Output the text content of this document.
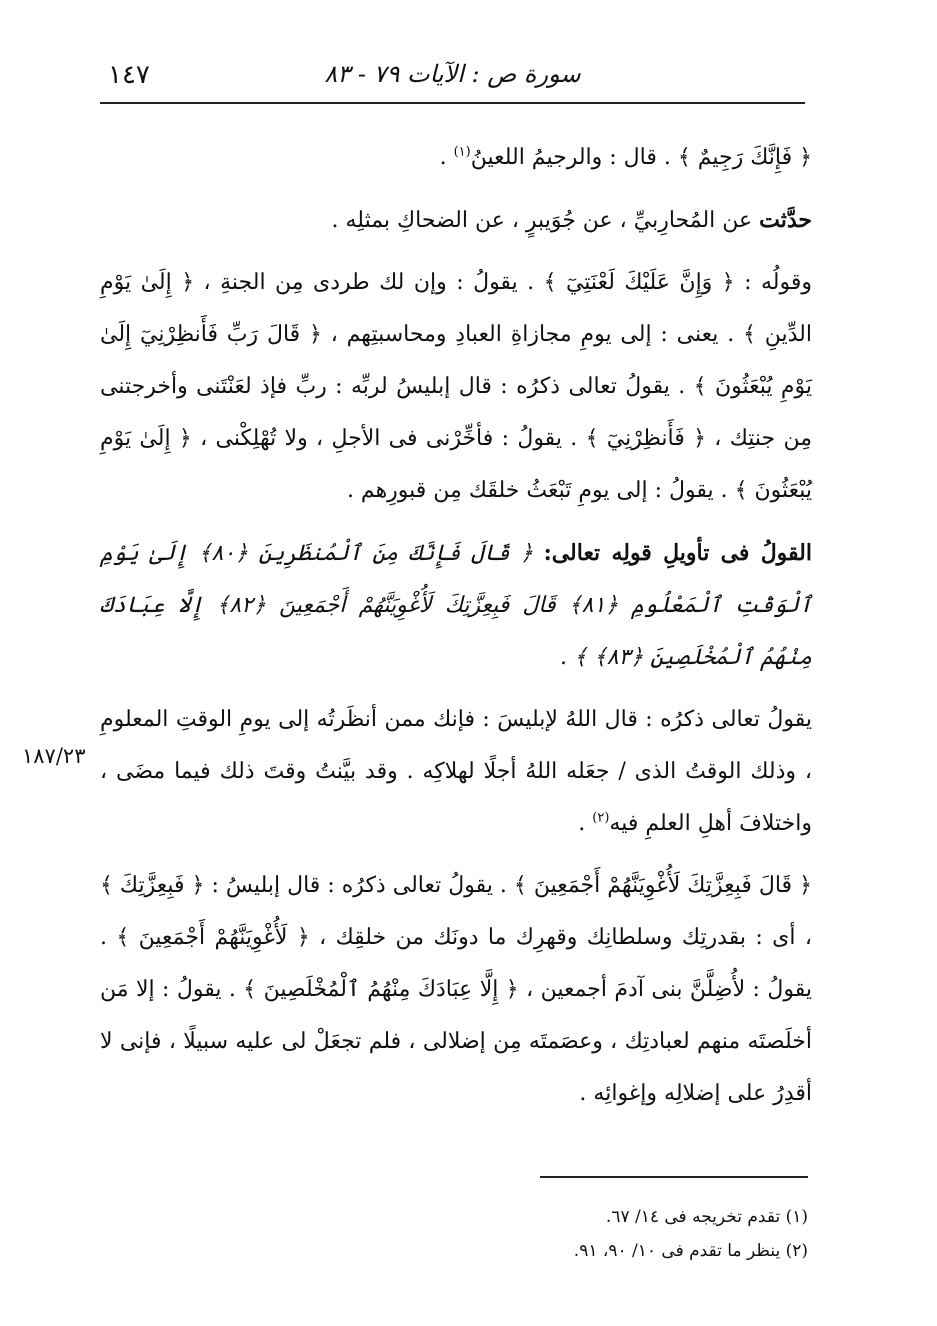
١٤٧	سورة ص : الآيات ٧٩ - ٨٣

﴿ فَإِنَّكَ رَجِيمٌ ﴾ . قال : والرجيمُ اللعينُ$^{(١)}$ .

حدَّثت عن المُحارِبيِّ ، عن جُوَيبرٍ ، عن الضحاكِ بمثلِه .

وقولُه : ﴿ وَإِنَّ عَلَيْكَ لَعْنَتِيٓ ﴾ . يقولُ : وإن لك طردى مِن الجنةِ ، ﴿ إِلَىٰ يَوْمِ الدِّينِ ﴾ . يعنى : إلى يومِ مجازاةِ العبادِ ومحاسبتِهم ، ﴿ قَالَ رَبِّ فَأَنظِرْنِيٓ إِلَىٰ يَوْمِ يُبْعَثُونَ ﴾ . يقولُ تعالى ذكرُه : قال إبليسُ لربِّه : ربِّ فإذ لعَنْتَنى وأخرجتنى مِن جنتِك ، ﴿ فَأَنظِرْنِيٓ ﴾ . يقولُ : فأخِّرْنى فى الأجلِ ، ولا تُهْلِكْنى ، ﴿ إِلَىٰ يَوْمِ يُبْعَثُونَ ﴾ . يقولُ : إلى يومِ تَبْعَثُ خلقَك مِن قبورِهم .

القولُ فى تأويلِ قولِه تعالى: ﴿ قَالَ فَإِنَّكَ مِنَ ٱلْمُنظَرِينَ ﴿٨٠﴾ إِلَىٰ يَوْمِ ٱلْوَقْتِ ٱلْمَعْلُومِ ﴿٨١﴾ قَالَ فَبِعِزَّتِكَ لَأُغْوِيَنَّهُمْ أَجْمَعِينَ ﴿٨٢﴾ إِلَّا عِبَادَكَ مِنْهُمُ ٱلْمُخْلَصِينَ ﴿٨٣﴾ ﴾ .

يقولُ تعالى ذكرُه : قال اللهُ لإبليسَ : فإنك ممن أنظَرتُه إلى يومِ الوقتِ المعلومِ ، وذلك الوقتُ الذى / جعَله اللهُ أجلًا لهلاكِه . وقد بيَّنتُ وقتَ ذلك فيما مضَى ، واختلافَ أهلِ العلمِ فيه$^{(٢)}$ .

﴿ قَالَ فَبِعِزَّتِكَ لَأُغْوِيَنَّهُمْ أَجْمَعِينَ ﴾ . يقولُ تعالى ذكرُه : قال إبليسُ : ﴿ فَبِعِزَّتِكَ ﴾ ، أى : بقدرتِك وسلطانِك وقهرِك ما دونَك من خلقِك ، ﴿ لَأُغْوِيَنَّهُمْ أَجْمَعِينَ ﴾ . يقولُ : لأُضِلَّنَّ بنى آدمَ أجمعين ، ﴿ إِلَّا عِبَادَكَ مِنْهُمُ ٱلْمُخْلَصِينَ ﴾ . يقولُ : إلا مَن أخلَصتَه منهم لعبادتِك ، وعصَمتَه مِن إضلالى ، فلم تجعَلْ لى عليه سبيلًا ، فإنى لا أقدِرُ على إضلالِه وإغوائِه .

١٨٧/٢٣
(١) تقدم تخريجه فى ١٤/ ٦٧.
(٢) ينظر ما تقدم فى ١٠/ ٩٠، ٩١.
